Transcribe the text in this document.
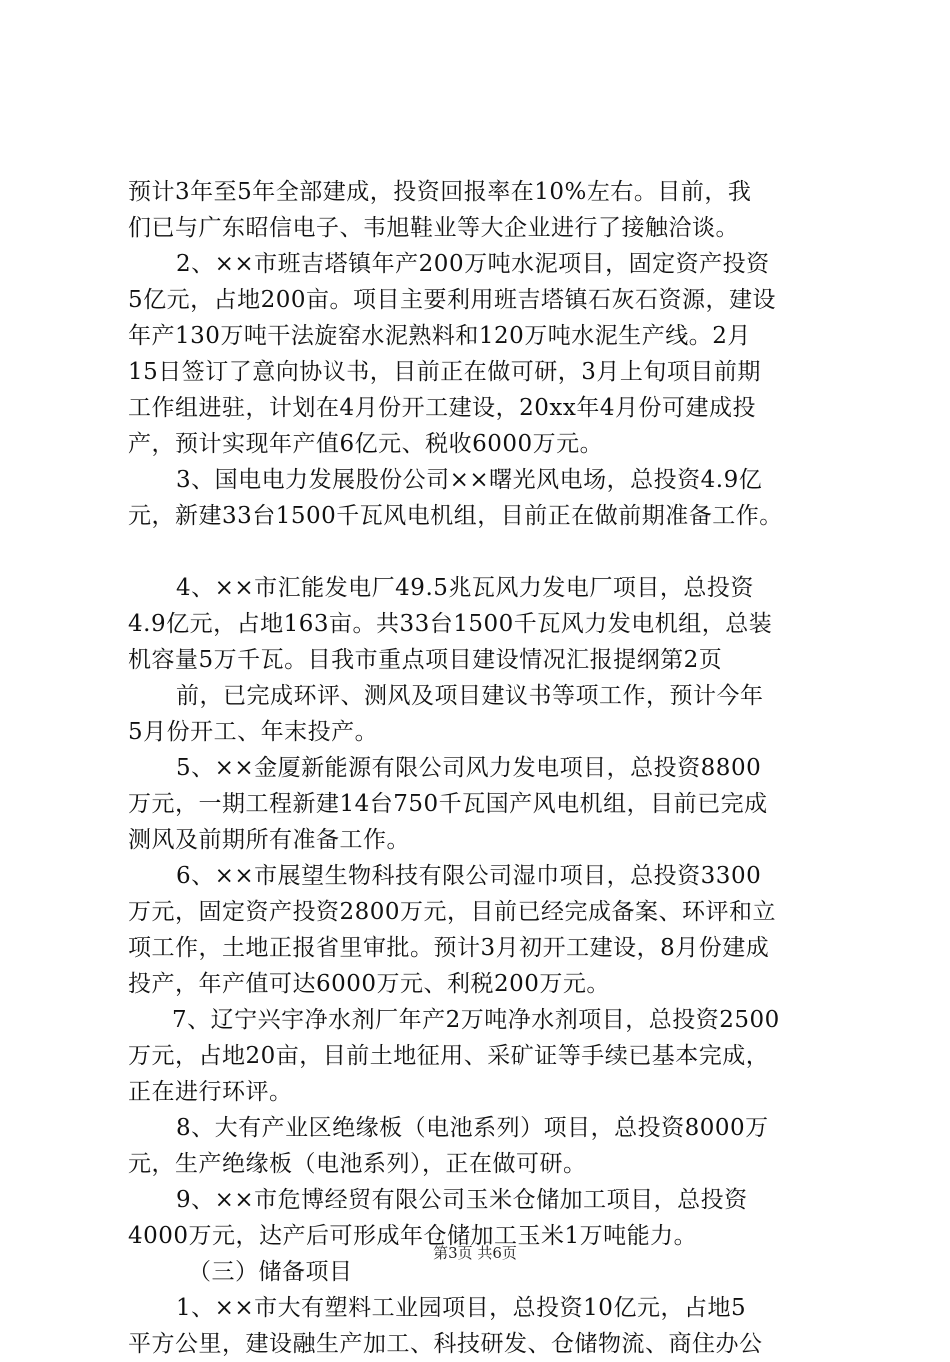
预计3年至5年全部建成，投资回报率在10%左右。目前，我
们已与广东昭信电子、韦旭鞋业等大企业进行了接触洽谈。
2、××市班吉塔镇年产200万吨水泥项目，固定资产投资
5亿元，占地200亩。项目主要利用班吉塔镇石灰石资源，建设
年产130万吨干法旋窑水泥熟料和120万吨水泥生产线。2月
15日签订了意向协议书，目前正在做可研，3月上旬项目前期
工作组进驻，计划在4月份开工建设，20xx年4月份可建成投
产，预计实现年产值6亿元、税收6000万元。
3、国电电力发展股份公司××曙光风电场，总投资4.9亿
元，新建33台1500千瓦风电机组，目前正在做前期准备工作。
4、××市汇能发电厂49.5兆瓦风力发电厂项目，总投资
4.9亿元，占地163亩。共33台1500千瓦风力发电机组，总装
机容量5万千瓦。目我市重点项目建设情况汇报提纲第2页
前，已完成环评、测风及项目建议书等项工作，预计今年
5月份开工、年末投产。
5、××金厦新能源有限公司风力发电项目，总投资8800
万元，一期工程新建14台750千瓦国产风电机组，目前已完成
测风及前期所有准备工作。
6、××市展望生物科技有限公司湿巾项目，总投资3300
万元，固定资产投资2800万元，目前已经完成备案、环评和立
项工作，土地正报省里审批。预计3月初开工建设，8月份建成
投产，年产值可达6000万元、利税200万元。
7、辽宁兴宇净水剂厂年产2万吨净水剂项目，总投资2500
万元，占地20亩，目前土地征用、采矿证等手续已基本完成，
正在进行环评。
8、大有产业区绝缘板（电池系列）项目，总投资8000万
元，生产绝缘板（电池系列），正在做可研。
9、××市危博经贸有限公司玉米仓储加工项目，总投资
4000万元，达产后可形成年仓储加工玉米1万吨能力。
（三）储备项目
1、××市大有塑料工业园项目，总投资10亿元，占地5
平方公里，建设融生产加工、科技研发、仓储物流、商住办公
第3页 共6页
